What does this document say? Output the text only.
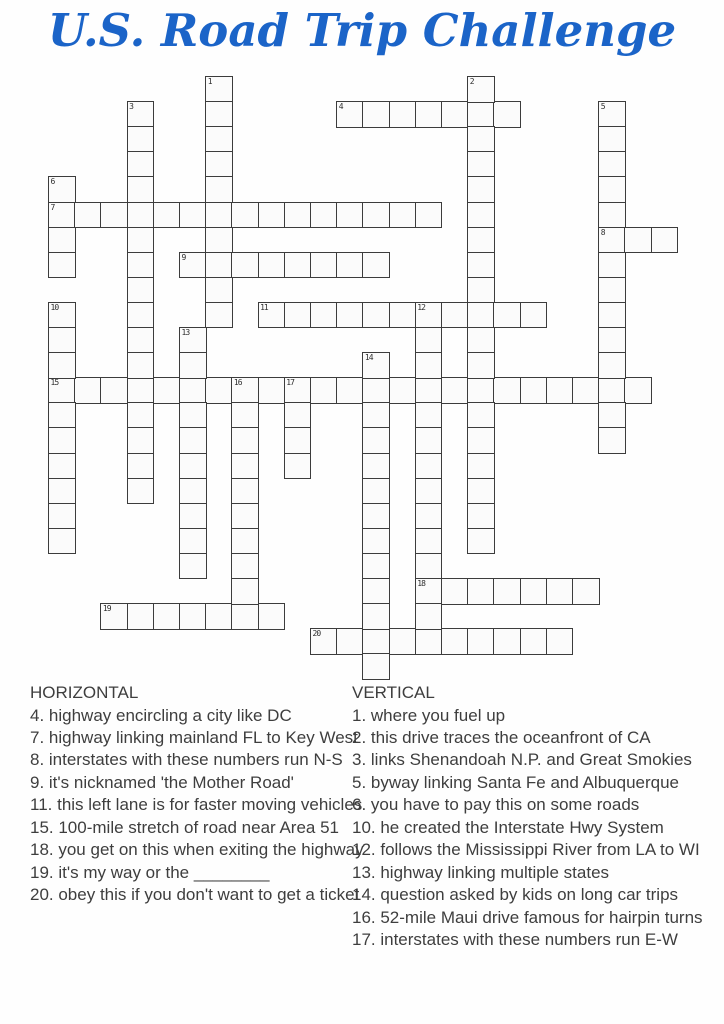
U.S. Road Trip Challenge
4
7
8
9
11	12
15	16	17
18
19
20
1	2
3	5
6
10
13
14
HORIZONTAL
4. highway encircling a city like DC
7. highway linking mainland FL to Key West
8. interstates with these numbers run N-S
9. it's nicknamed 'the Mother Road'
11. this left lane is for faster moving vehicles
15. 100-mile stretch of road near Area 51
18. you get on this when exiting the highway
19. it's my way or the ________
20. obey this if you don't want to get a ticket
VERTICAL
1. where you fuel up
2. this drive traces the oceanfront of CA
3. links Shenandoah N.P. and Great Smokies
5. byway linking Santa Fe and Albuquerque
6. you have to pay this on some roads
10. he created the Interstate Hwy System
12. follows the Mississippi River from LA to WI
13. highway linking multiple states
14. question asked by kids on long car trips
16. 52-mile Maui drive famous for hairpin turns
17. interstates with these numbers run E-W
